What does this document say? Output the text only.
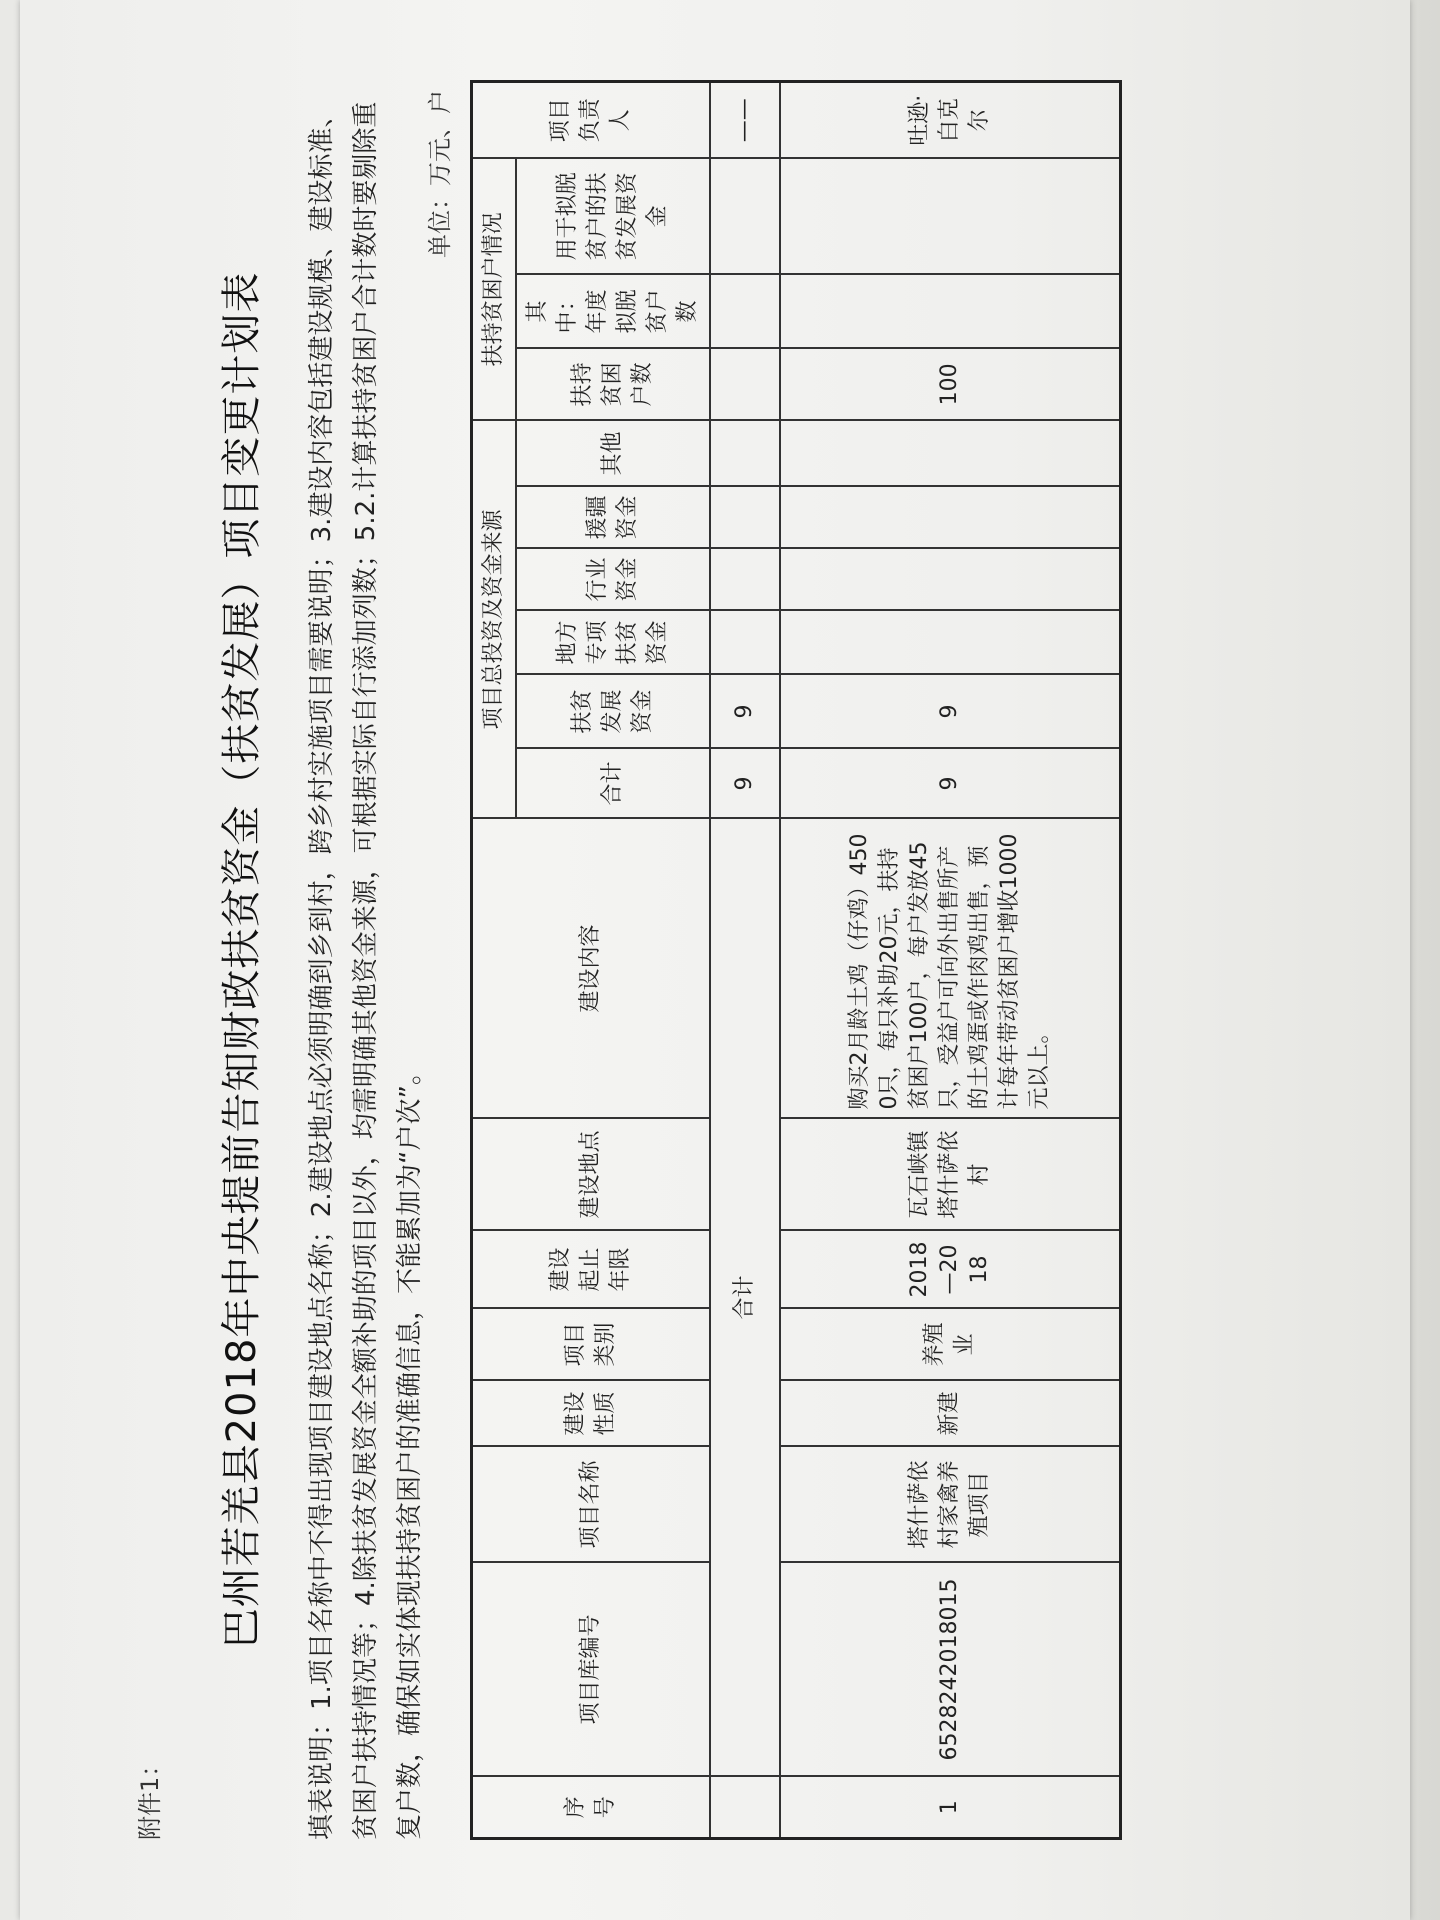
附件1：
巴州若羌县2018年中央提前告知财政扶贫资金（扶贫发展）项目变更计划表 填表说明：1.项目名称中不得出现项目建设地点名称；2.建设地点必须明确到乡到村，跨乡村实施项目需要说明；3.建设内容包括建设规模、建设标准、贫困户扶持情况等；4.除扶贫发展资金全额补助的项目以外，均需明确其他资金来源，可根据实际自行添加列数；5.2.计算扶持贫困户合计数时要剔除重复户数，确保如实体现扶持贫困户的准确信息，不能累加为“户次”。
单位：万元、户
序号	项目库编号	项目名称	建设性质	项目类别	建设起止年限	建设地点	建设内容	项目总投资及资金来源						扶持贫困户情况			项目负责人
								合计	扶贫发展资金	地方专项扶贫资金	行业资金	援疆资金	其他	扶持贫困户数	其中：年度拟脱贫户数	用于拟脱贫户的扶贫发展资金	
	合计							9	9								——
1	6528242018015	塔什萨依村家禽养殖项目	新建	养殖业	2018—2018	瓦石峡镇塔什萨依村	购买2月龄土鸡（仔鸡）4500只，每只补助20元，扶持贫困户100户，每户发放45只，受益户可向外出售所产的土鸡蛋或作肉鸡出售，预计每年带动贫困户增收1000元以上。	9	9					100			吐逊·白克尔
